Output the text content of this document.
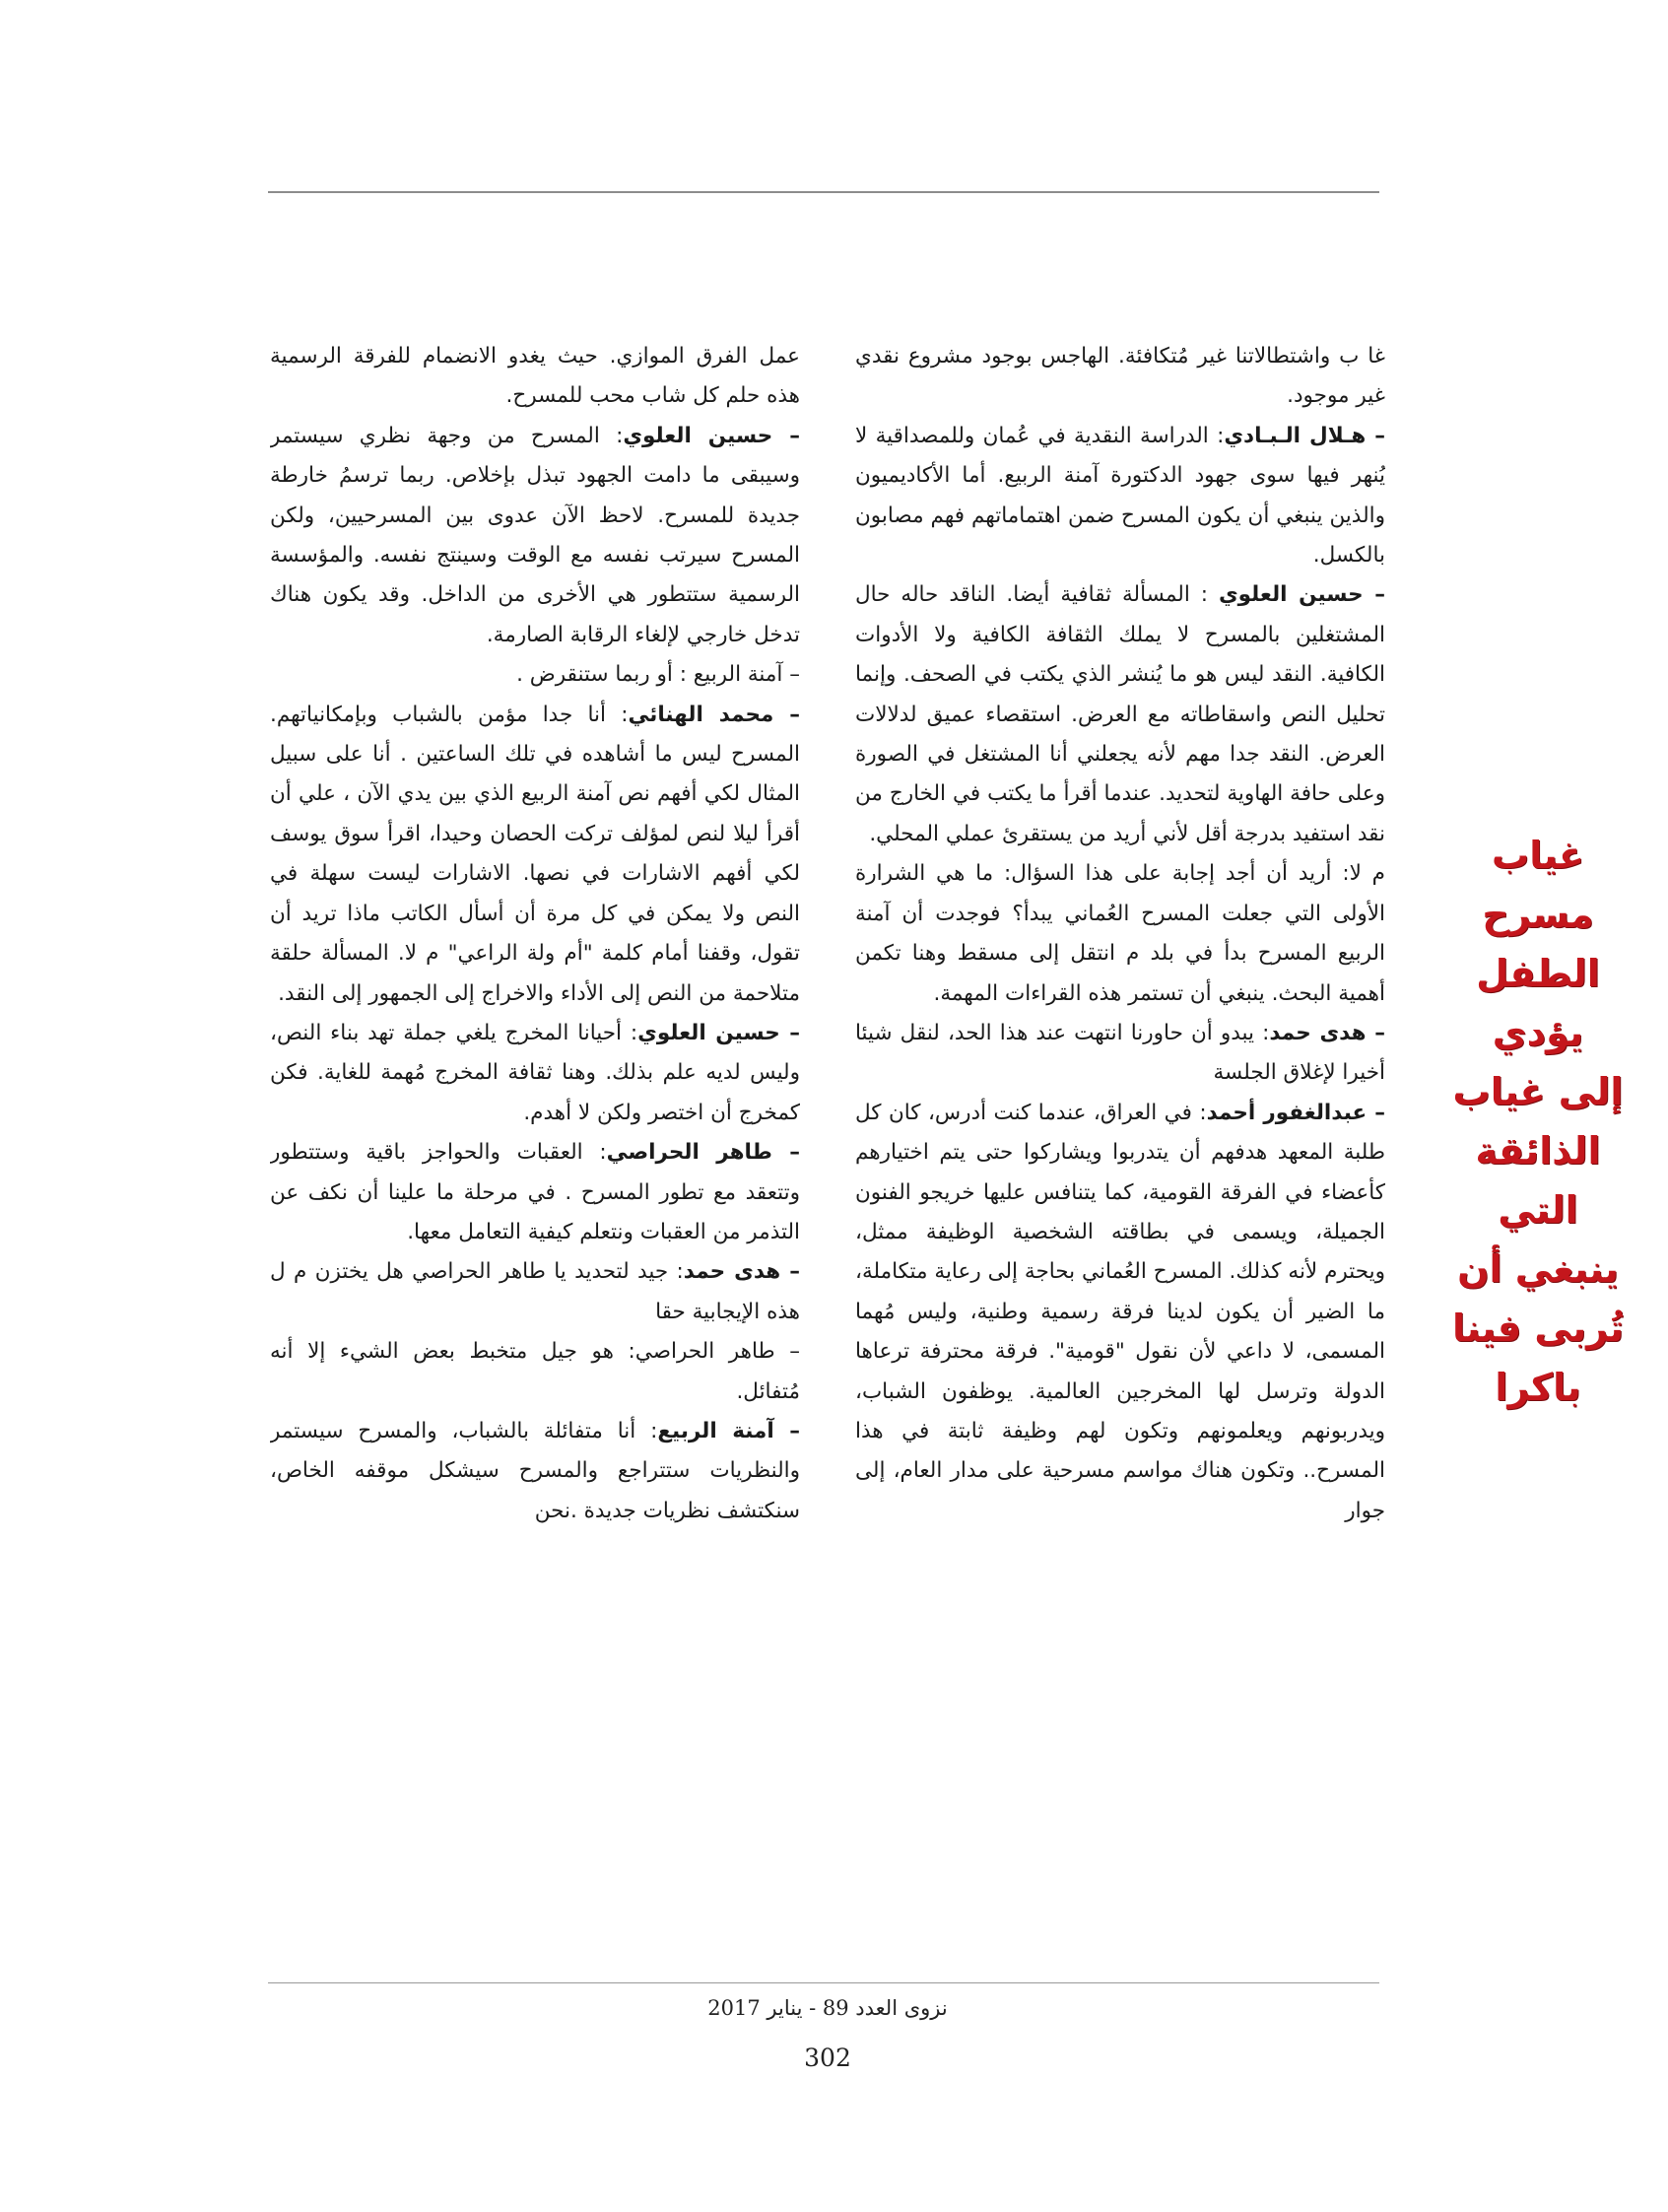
غا ب واشتطالاتنا غير مُتكافئة. الهاجس بوجود مشروع نقدي غير موجود.

– هـلال الـبـادي: الدراسة النقدية في عُمان وللمصداقية لا يُنهر فيها سوى جهود الدكتورة آمنة الربيع. أما الأكاديميون والذين ينبغي أن يكون المسرح ضمن اهتماماتهم فهم مصابون بالكسل.

– حسين العلوي : المسألة ثقافية أيضا. الناقد حاله حال المشتغلين بالمسرح لا يملك الثقافة الكافية ولا الأدوات الكافية. النقد ليس هو ما يُنشر الذي يكتب في الصحف. وإنما تحليل النص واسقاطاته مع العرض. استقصاء عميق لدلالات العرض. النقد جدا مهم لأنه يجعلني أنا المشتغل في الصورة وعلى حافة الهاوية لتحديد. عندما أقرأ ما يكتب في الخارج من نقد استفيد بدرجة أقل لأني أريد من يستقرئ عملي المحلي.

م لا: أريد أن أجد إجابة على هذا السؤال: ما هي الشرارة الأولى التي جعلت المسرح العُماني يبدأ؟ فوجدت أن آمنة الربيع المسرح بدأ في بلد م انتقل إلى مسقط وهنا تكمن أهمية البحث. ينبغي أن تستمر هذه القراءات المهمة.

– هدى حمد: يبدو أن حاورنا انتهت عند هذا الحد، لنقل شيئا أخيرا لإغلاق الجلسة

– عبدالغفور أحمد: في العراق، عندما كنت أدرس، كان كل طلبة المعهد هدفهم أن يتدربوا ويشاركوا حتى يتم اختيارهم كأعضاء في الفرقة القومية، كما يتنافس عليها خريجو الفنون الجميلة، ويسمى في بطاقته الشخصية الوظيفة ممثل، ويحترم لأنه كذلك. المسرح العُماني بحاجة إلى رعاية متكاملة، ما الضير أن يكون لدينا فرقة رسمية وطنية، وليس مُهما المسمى، لا داعي لأن نقول "قومية". فرقة محترفة ترعاها الدولة وترسل لها المخرجين العالمية. يوظفون الشباب، ويدربونهم ويعلمونهم وتكون لهم وظيفة ثابتة في هذا المسرح.. وتكون هناك مواسم مسرحية على مدار العام، إلى جوار

عمل الفرق الموازي. حيث يغدو الانضمام للفرقة الرسمية هذه حلم كل شاب محب للمسرح.

– حسين العلوي: المسرح من وجهة نظري سيستمر وسيبقى ما دامت الجهود تبذل بإخلاص. ربما ترسمُ خارطة جديدة للمسرح. لاحظ الآن عدوى بين المسرحيين، ولكن المسرح سيرتب نفسه مع الوقت وسينتج نفسه. والمؤسسة الرسمية ستتطور هي الأخرى من الداخل. وقد يكون هناك تدخل خارجي لإلغاء الرقابة الصارمة.

– آمنة الربيع : أو ربما ستنقرض .

– محمد الهنائي: أنا جدا مؤمن بالشباب وبإمكانياتهم. المسرح ليس ما أشاهده في تلك الساعتين . أنا على سبيل المثال لكي أفهم نص آمنة الربيع الذي بين يدي الآن ، علي أن أقرأ ليلا لنص لمؤلف تركت الحصان وحيدا، اقرأ سوق يوسف لكي أفهم الاشارات في نصها. الاشارات ليست سهلة في النص ولا يمكن في كل مرة أن أسأل الكاتب ماذا تريد أن تقول، وقفنا أمام كلمة "أم ولة الراعي" م لا. المسألة حلقة متلاحمة من النص إلى الأداء والاخراج إلى الجمهور إلى النقد.

– حسين العلوي: أحيانا المخرج يلغي جملة تهد بناء النص، وليس لديه علم بذلك. وهنا ثقافة المخرج مُهمة للغاية. فكن كمخرج أن اختصر ولكن لا أهدم.

– طاهر الحراصي: العقبات والحواجز باقية وستتطور وتتعقد مع تطور المسرح . في مرحلة ما علينا أن نكف عن التذمر من العقبات ونتعلم كيفية التعامل معها.

– هدى حمد: جيد لتحديد يا طاهر الحراصي هل يختزن م ل هذه الإيجابية حقا

– طاهر الحراصي: هو جيل متخبط بعض الشيء إلا أنه مُتفائل.

– آمنة الربيع: أنا متفائلة بالشباب، والمسرح سيستمر والنظريات ستتراجع والمسرح سيشكل موقفه الخاص، سنكتشف نظريات جديدة .نحن

غياب
مسرح
الطفل يؤدي
إلى غياب
الذائقة التي
ينبغي أن
تُربى فينا
باكرا
نزوى العدد 89 - يناير 2017
302
